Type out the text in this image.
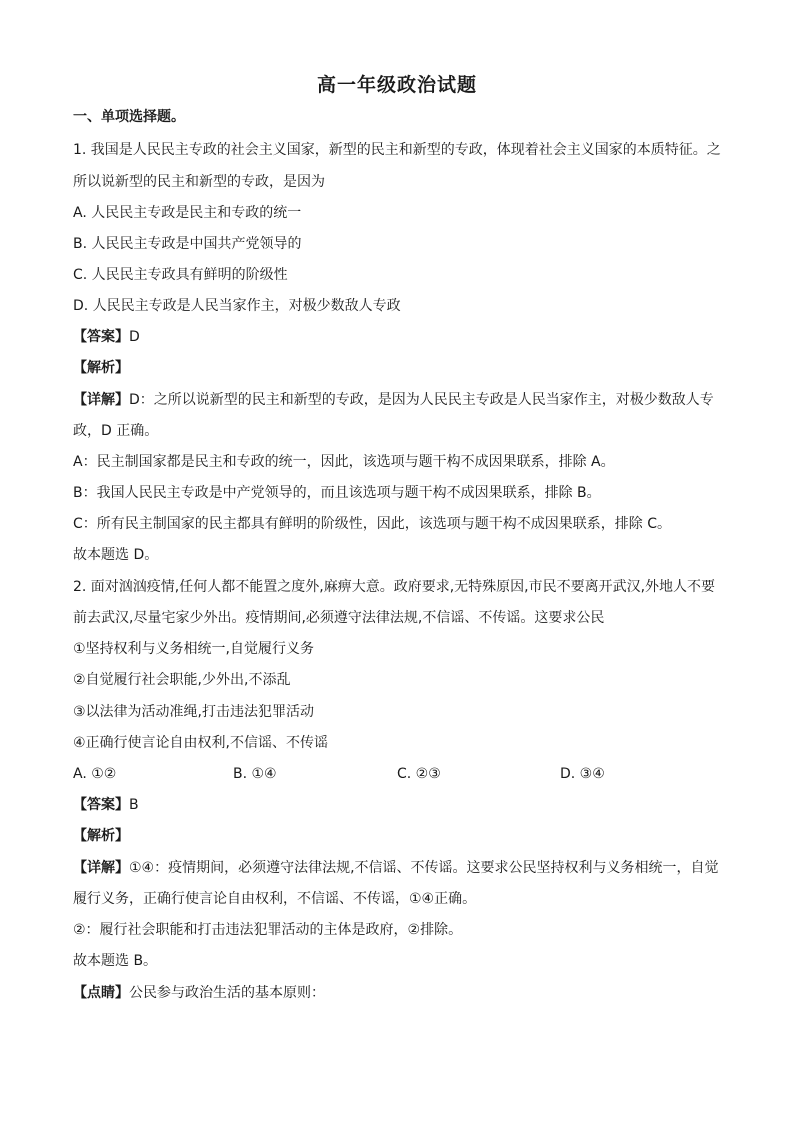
高一年级政治试题
一、单项选择题。
1. 我国是人民民主专政的社会主义国家，新型的民主和新型的专政，体现着社会主义国家的本质特征。之
所以说新型的民主和新型的专政，是因为
A. 人民民主专政是民主和专政的统一
B. 人民民主专政是中国共产党领导的
C. 人民民主专政具有鲜明的阶级性
D. 人民民主专政是人民当家作主，对极少数敌人专政
【答案】D
【解析】
【详解】D：之所以说新型的民主和新型的专政，是因为人民民主专政是人民当家作主，对极少数敌人专
政，D 正确。
A：民主制国家都是民主和专政的统一，因此，该选项与题干构不成因果联系，排除 A。
B：我国人民民主专政是中产党领导的，而且该选项与题干构不成因果联系，排除 B。
C：所有民主制国家的民主都具有鲜明的阶级性，因此，该选项与题干构不成因果联系，排除 C。
故本题选 D。
2. 面对汹汹疫情,任何人都不能置之度外,麻痹大意。政府要求,无特殊原因,市民不要离开武汉,外地人不要
前去武汉,尽量宅家少外出。疫情期间,必须遵守法律法规,不信谣、不传谣。这要求公民
①坚持权利与义务相统一,自觉履行义务
②自觉履行社会职能,少外出,不添乱
③以法律为活动准绳,打击违法犯罪活动
④正确行使言论自由权利,不信谣、不传谣
A. ①②	B. ①④	C. ②③	D. ③④
【答案】B
【解析】
【详解】①④：疫情期间，必须遵守法律法规,不信谣、不传谣。这要求公民坚持权利与义务相统一，自觉
履行义务，正确行使言论自由权利，不信谣、不传谣，①④正确。
②：履行社会职能和打击违法犯罪活动的主体是政府，②排除。
故本题选 B。
【点睛】公民参与政治生活的基本原则：
